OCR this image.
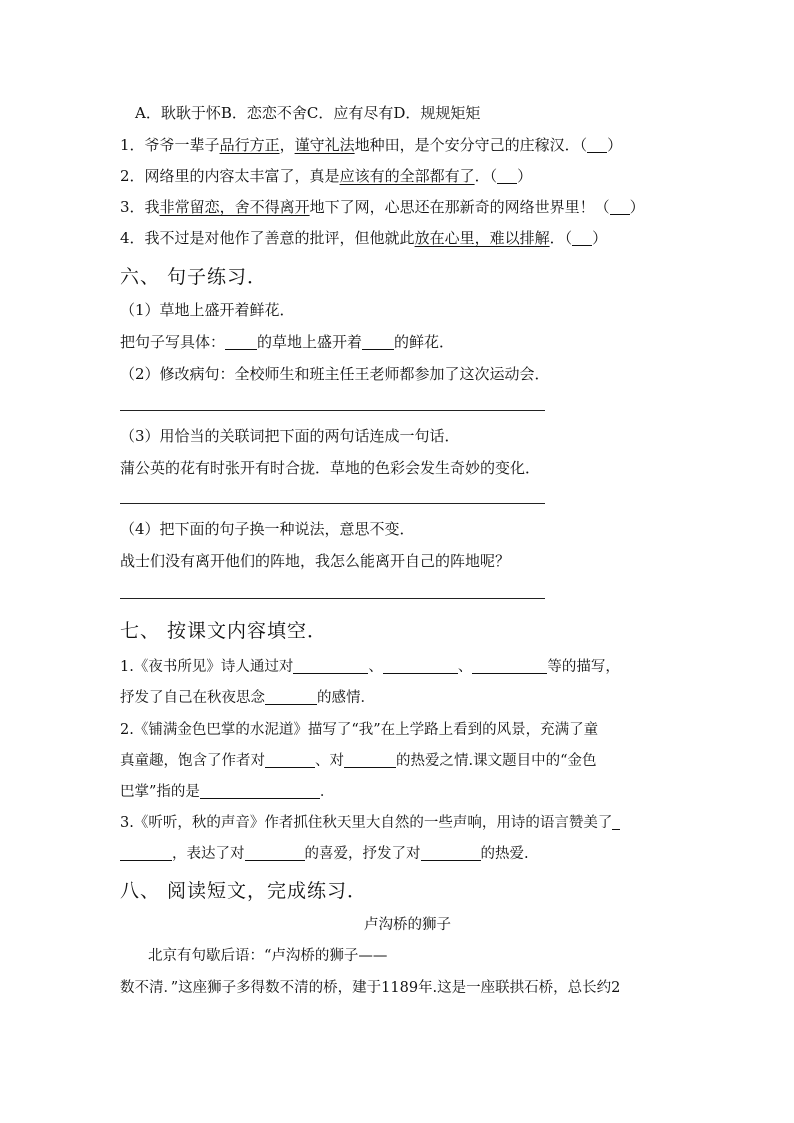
A．耿耿于怀B．恋恋不舍C．应有尽有D．规规矩矩
1．爷爷一辈子品行方正，谨守礼法地种田，是个安分守己的庄稼汉．（ ）
2．网络里的内容太丰富了，真是应该有的全部都有了．（ ）
3．我非常留恋，舍不得离开地下了网，心思还在那新奇的网络世界里！（ ）
4．我不过是对他作了善意的批评，但他就此放在心里，难以排解．（ ）
六、 句子练习．
（1）草地上盛开着鲜花．
把句子写具体： 的草地上盛开着 的鲜花．
（2）修改病句：全校师生和班主任王老师都参加了这次运动会．
（3）用恰当的关联词把下面的两句话连成一句话．
蒲公英的花有时张开有时合拢．草地的色彩会发生奇妙的变化．
（4）把下面的句子换一种说法，意思不变．
战士们没有离开他们的阵地，我怎么能离开自己的阵地呢？
七、 按课文内容填空．
1.《夜书所见》诗人通过对	、	、	等的描写，
抒发了自己在秋夜思念	的感情．
2.《铺满金色巴掌的水泥道》描写了“我”在上学路上看到的风景，充满了童
真童趣，饱含了作者对	、对	的热爱之情.课文题目中的“金色
巴掌”指的是	．
3.《听听，秋的声音》作者抓住秋天里大自然的一些声响，用诗的语言赞美了
，表达了对	的喜爱，抒发了对	的热爱.
八、 阅读短文，完成练习．
卢沟桥的狮子
北京有句歇后语：“卢沟桥的狮子——
数不清．”这座狮子多得数不清的桥，建于1189年.这是一座联拱石桥，总长约2
